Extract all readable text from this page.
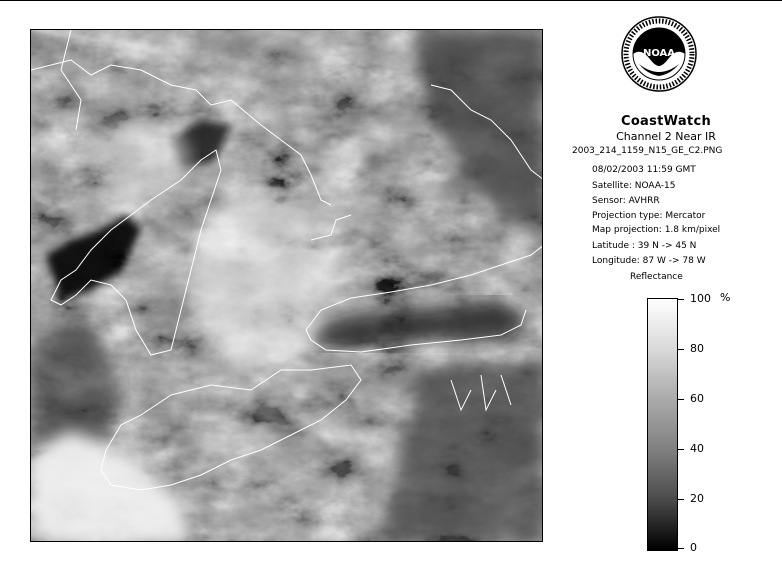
NOAA
CoastWatch
Channel 2 Near IR
2003_214_1159_N15_GE_C2.PNG
08/02/2003 11:59 GMT
Satellite: NOAA-15
Sensor: AVHRR
Projection type: Mercator
Map projection: 1.8 km/pixel
Latitude : 39 N -> 45 N
Longitude: 87 W -> 78 W
Reflectance
%
100
80
60
40
20
0
